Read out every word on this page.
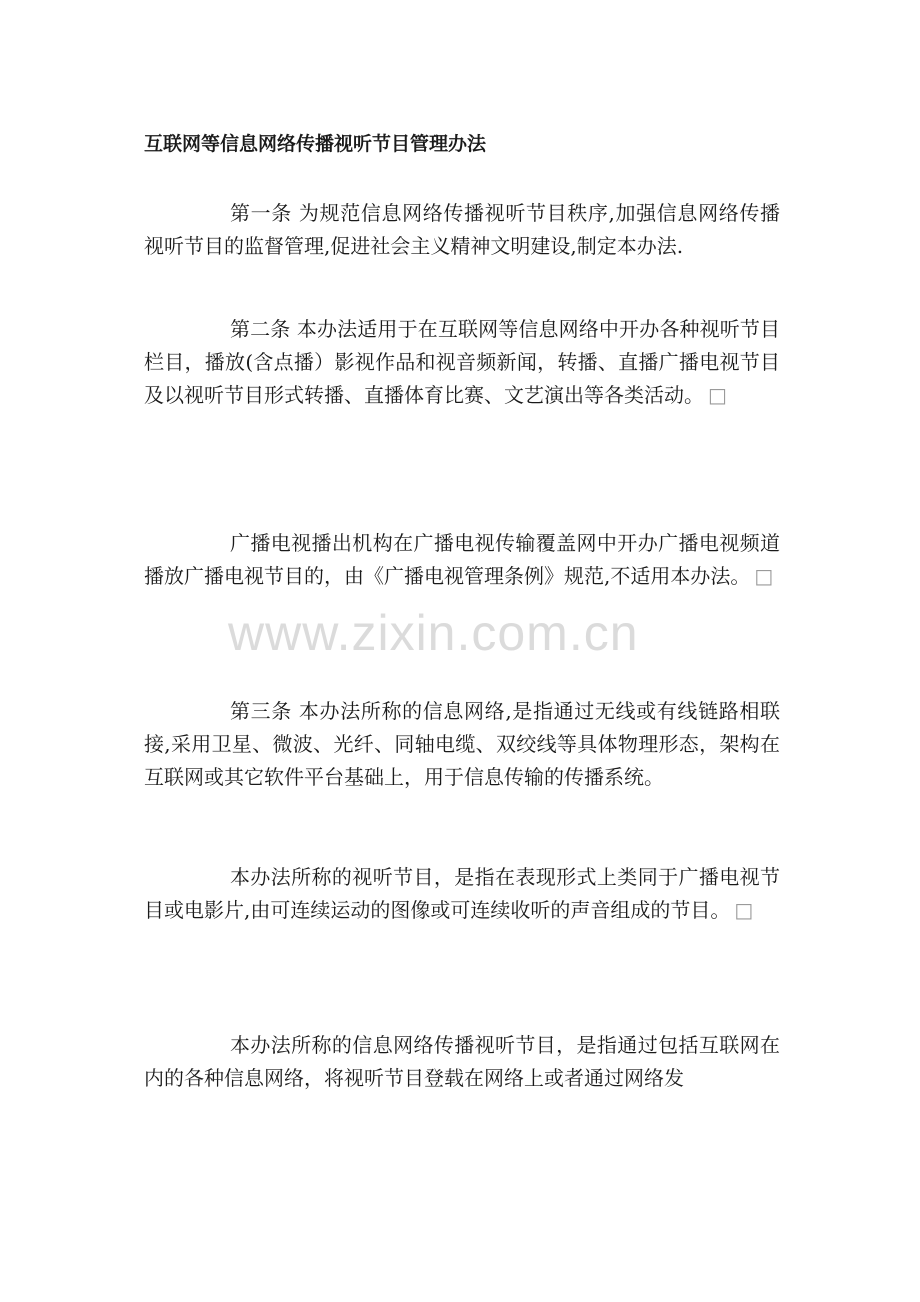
互联网等信息网络传播视听节目管理办法

第一条 为规范信息网络传播视听节目秩序,加强信息网络传播视听节目的监督管理,促进社会主义精神文明建设,制定本办法.

第二条 本办法适用于在互联网等信息网络中开办各种视听节目栏目，播放(含点播）影视作品和视音频新闻，转播、直播广播电视节目及以视听节目形式转播、直播体育比赛、文艺演出等各类活动。 □

广播电视播出机构在广播电视传输覆盖网中开办广播电视频道播放广播电视节目的，由《广播电视管理条例》规范,不适用本办法。 □

第三条 本办法所称的信息网络,是指通过无线或有线链路相联接,采用卫星、微波、光纤、同轴电缆、双绞线等具体物理形态，架构在互联网或其它软件平台基础上，用于信息传输的传播系统。

本办法所称的视听节目，是指在表现形式上类同于广播电视节目或电影片,由可连续运动的图像或可连续收听的声音组成的节目。 □

本办法所称的信息网络传播视听节目，是指通过包括互联网在内的各种信息网络，将视听节目登载在网络上或者通过网络发

www.zixin.com.cn
